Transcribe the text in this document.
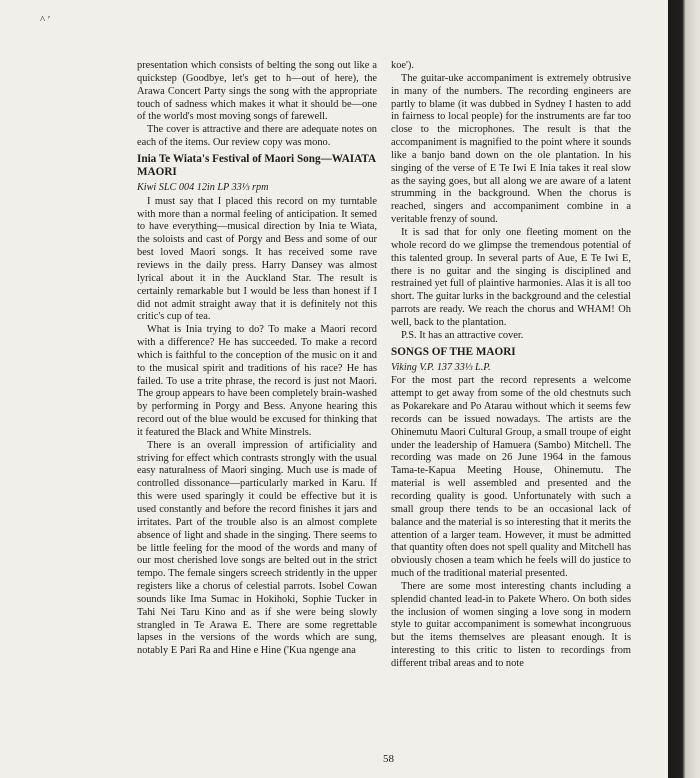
^ ʹ

presentation which consists of belting the song out like a quickstep (Goodbye, let's get to h—out of here), the Arawa Concert Party sings the song with the appropriate touch of sadness which makes it what it should be—one of the world's most moving songs of farewell.

The cover is attractive and there are adequate notes on each of the items. Our review copy was mono.

Inia Te Wiata's Festival of Maori Song—WAIATA MAORI
Kiwi SLC 004 12in LP 33⅓ rpm

I must say that I placed this record on my turntable with more than a normal feeling of anticipation. It semed to have everything—musical direction by Inia te Wiata, the soloists and cast of Porgy and Bess and some of our best loved Maori songs. It has received some rave reviews in the daily press. Harry Dansey was almost lyrical about it in the Auckland Star. The result is certainly remarkable but I would be less than honest if I did not admit straight away that it is definitely not this critic's cup of tea.

What is Inia trying to do? To make a Maori record with a difference? He has succeeded. To make a record which is faithful to the conception of the music on it and to the musical spirit and traditions of his race? He has failed. To use a trite phrase, the record is just not Maori. The group appears to have been completely brain-washed by performing in Porgy and Bess. Anyone hearing this record out of the blue would be excused for thinking that it featured the Black and White Minstrels.

There is an overall impression of artificiality and striving for effect which contrasts strongly with the usual easy naturalness of Maori singing. Much use is made of controlled dissonance—particularly marked in Karu. If this were used sparingly it could be effective but it is used constantly and before the record finishes it jars and irritates. Part of the trouble also is an almost complete absence of light and shade in the singing. There seems to be little feeling for the mood of the words and many of our most cherished love songs are belted out in the strict tempo. The female singers screech stridently in the upper registers like a chorus of celestial parrots. Isobel Cowan sounds like Ima Sumac in Hokihoki, Sophie Tucker in Tahi Nei Taru Kino and as if she were being slowly strangled in Te Arawa E. There are some regrettable lapses in the versions of the words which are sung, notably E Pari Ra and Hine e Hine ('Kua ngenge ana

koe').

The guitar-uke accompaniment is extremely obtrusive in many of the numbers. The recording engineers are partly to blame (it was dubbed in Sydney I hasten to add in fairness to local people) for the instruments are far too close to the microphones. The result is that the accompaniment is magnified to the point where it sounds like a banjo band down on the ole plantation. In his singing of the verse of E Te Iwi E Inia takes it real slow as the saying goes, but all along we are aware of a latent strumming in the background. When the chorus is reached, singers and accompaniment combine in a veritable frenzy of sound.

It is sad that for only one fleeting moment on the whole record do we glimpse the tremendous potential of this talented group. In several parts of Aue, E Te Iwi E, there is no guitar and the singing is disciplined and restrained yet full of plaintive harmonies. Alas it is all too short. The guitar lurks in the background and the celestial parrots are ready. We reach the chorus and WHAM! Oh well, back to the plantation.

P.S. It has an attractive cover.

SONGS OF THE MAORI
Viking V.P. 137 33⅓ L.P.

For the most part the record represents a welcome attempt to get away from some of the old chestnuts such as Pokarekare and Po Atarau without which it seems few records can be issued nowadays. The artists are the Ohinemutu Maori Cultural Group, a small troupe of eight under the leadership of Hamuera (Sambo) Mitchell. The recording was made on 26 June 1964 in the famous Tama-te-Kapua Meeting House, Ohinemutu. The material is well assembled and presented and the recording quality is good. Unfortunately with such a small group there tends to be an occasional lack of balance and the material is so interesting that it merits the attention of a larger team. However, it must be admitted that quantity often does not spell quality and Mitchell has obviously chosen a team which he feels will do justice to much of the traditional material presented.

There are some most interesting chants including a splendid chanted lead-in to Pakete Whero. On both sides the inclusion of women singing a love song in modern style to guitar accompaniment is somewhat incongruous but the items themselves are pleasant enough. It is interesting to this critic to listen to recordings from different tribal areas and to note

58
